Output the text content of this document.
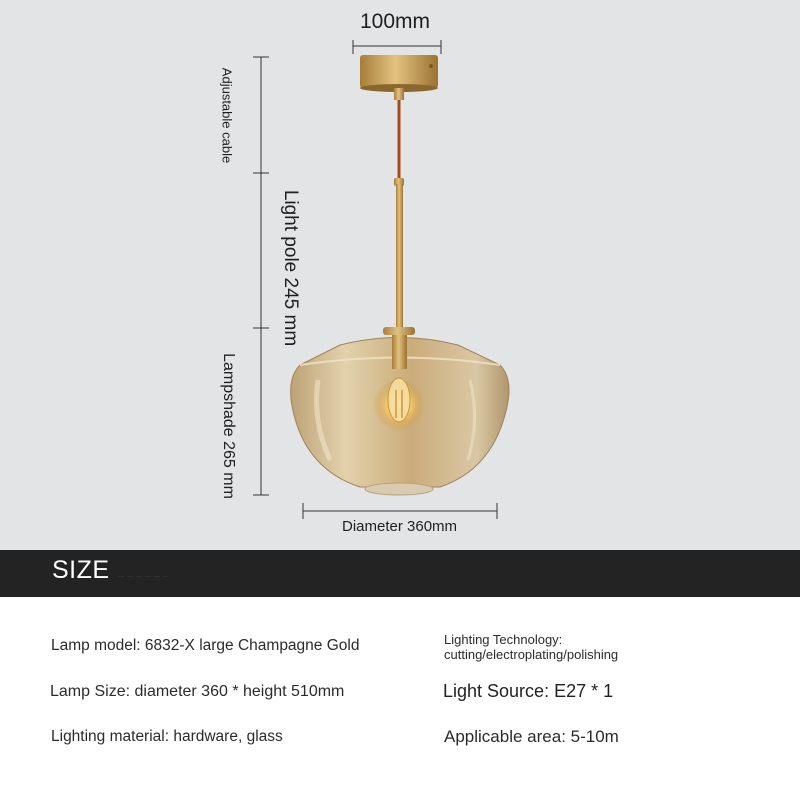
100mm
Adjustable cable
Light pole 245 mm
Lampshade 265 mm
Diameter 360mm
SIZE ─ ─ ─ ─ ─ ─
Lamp model: 6832-X large Champagne Gold
Lamp Size: diameter 360 * height 510mm
Lighting material: hardware, glass
Lighting Technology:
cutting/electroplating/polishing
Light Source: E27 * 1
Applicable area: 5-10m
